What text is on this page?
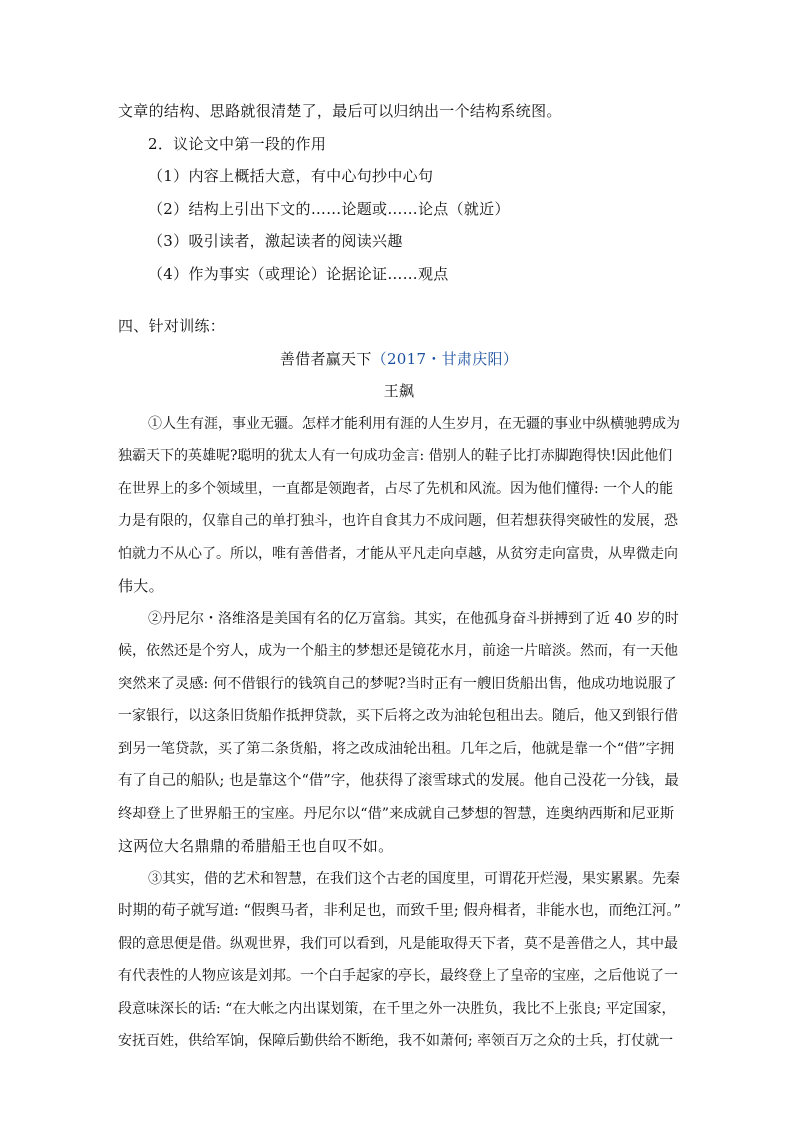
文章的结构、思路就很清楚了，最后可以归纳出一个结构系统图。
2．议论文中第一段的作用
（1）内容上概括大意，有中心句抄中心句
（2）结构上引出下文的……论题或……论点（就近）
（3）吸引读者，激起读者的阅读兴趣
（4）作为事实（或理论）论据论证……观点
四、针对训练：
善借者赢天下（2017・甘肃庆阳）
王飙
①人生有涯，事业无疆。怎样才能利用有涯的人生岁月，在无疆的事业中纵横驰骋成为
独霸天下的英雄呢?聪明的犹太人有一句成功金言: 借别人的鞋子比打赤脚跑得快!因此他们
在世界上的多个领域里，一直都是领跑者，占尽了先机和风流。因为他们懂得: 一个人的能
力是有限的，仅靠自己的单打独斗，也许自食其力不成问题，但若想获得突破性的发展，恐
怕就力不从心了。所以，唯有善借者，才能从平凡走向卓越，从贫穷走向富贵，从卑微走向
伟大。
②丹尼尔・洛维洛是美国有名的亿万富翁。其实，在他孤身奋斗拼搏到了近 40 岁的时
候，依然还是个穷人，成为一个船主的梦想还是镜花水月，前途一片暗淡。然而，有一天他
突然来了灵感: 何不借银行的钱筑自己的梦呢?当时正有一艘旧货船出售，他成功地说服了
一家银行，以这条旧货船作抵押贷款，买下后将之改为油轮包租出去。随后，他又到银行借
到另一笔贷款，买了第二条货船，将之改成油轮出租。几年之后，他就是靠一个“借”字拥
有了自己的船队; 也是靠这个“借”字，他获得了滚雪球式的发展。他自己没花一分钱，最
终却登上了世界船王的宝座。丹尼尔以“借”来成就自己梦想的智慧，连奥纳西斯和尼亚斯
这两位大名鼎鼎的希腊船王也自叹不如。
③其实，借的艺术和智慧，在我们这个古老的国度里，可谓花开烂漫，果实累累。先秦
时期的荀子就写道: “假舆马者，非利足也，而致千里; 假舟楫者，非能水也，而绝江河。”
假的意思便是借。纵观世界，我们可以看到，凡是能取得天下者，莫不是善借之人，其中最
有代表性的人物应该是刘邦。一个白手起家的亭长，最终登上了皇帝的宝座，之后他说了一
段意味深长的话: “在大帐之内出谋划策，在千里之外一决胜负，我比不上张良; 平定国家，
安抚百姓，供给军饷，保障后勤供给不断绝，我不如萧何; 率领百万之众的士兵，打仗就一
